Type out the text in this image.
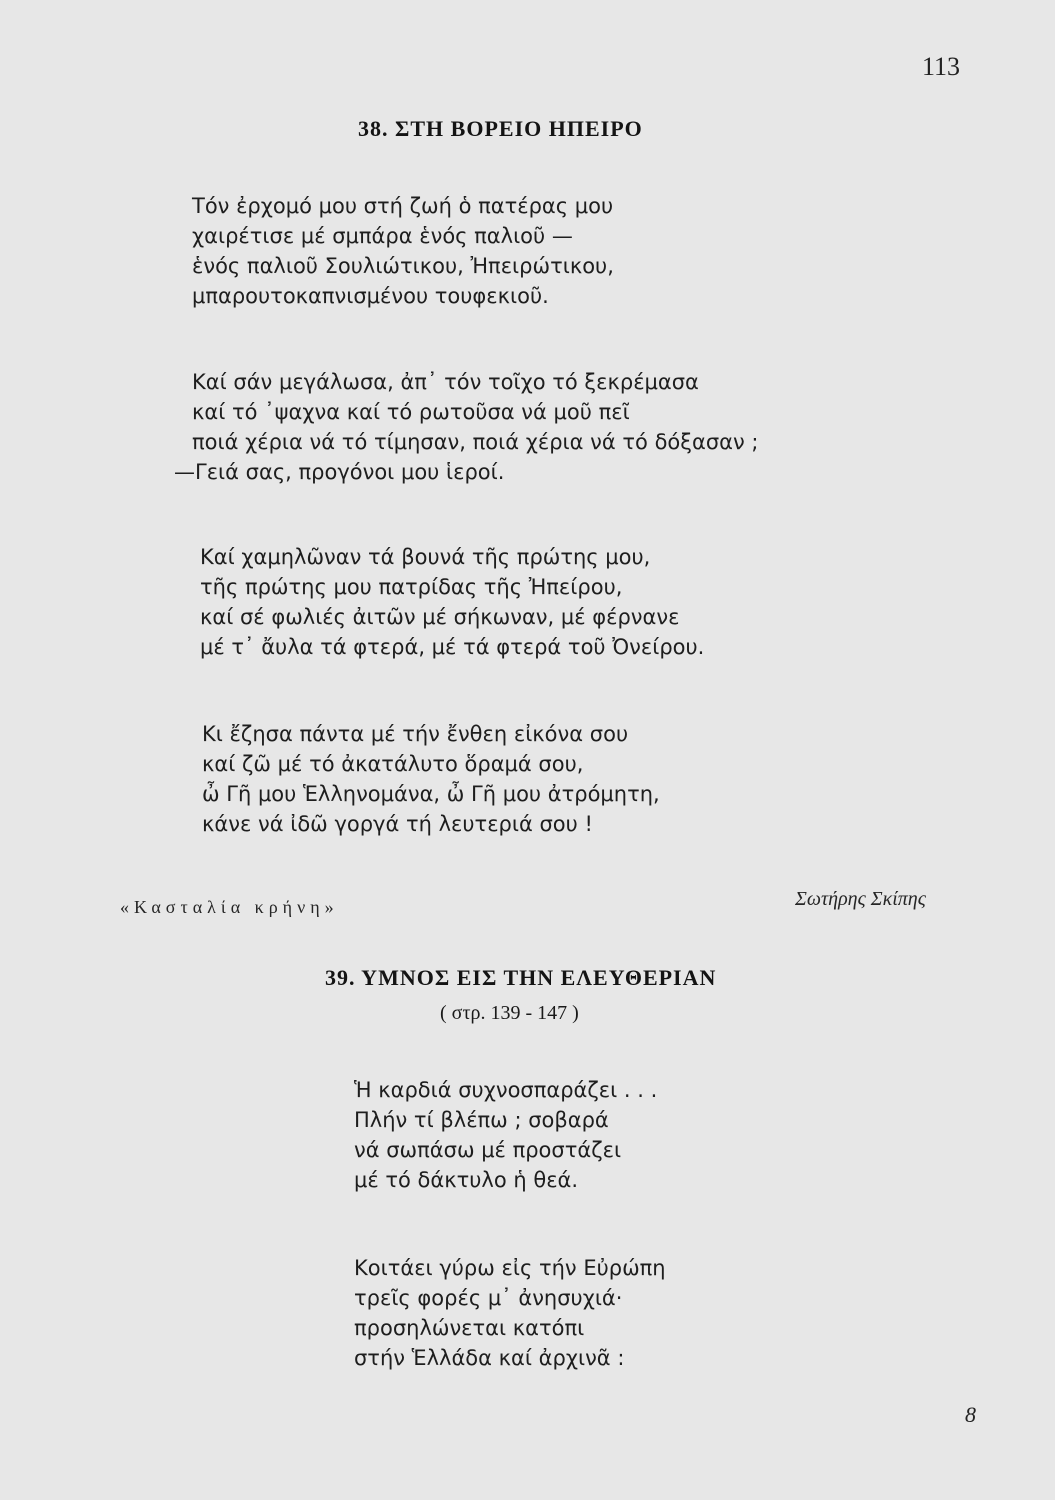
113
38. ΣΤΗ ΒΟΡΕΙΟ ΗΠΕΙΡΟ
Τόν ἐρχομό μου στή ζωή ὁ πατέρας μου
χαιρέτισε μέ σμπάρα ἑνός παλιοῦ —
ἑνός παλιοῦ Σουλιώτικου, Ἠπειρώτικου,
μπαρουτοκαπνισμένου τουφεκιοῦ.
Καί σάν μεγάλωσα, ἀπ᾽ τόν τοῖχο τό ξεκρέμασα
καί τό ᾽ψαχνα καί τό ρωτοῦσα νά μοῦ πεῖ
ποιά χέρια νά τό τίμησαν, ποιά χέρια νά τό δόξασαν ;
—Γειά σας, προγόνοι μου ἱεροί.
Καί χαμηλῶναν τά βουνά τῆς πρώτης μου,
τῆς πρώτης μου πατρίδας τῆς Ἠπείρου,
καί σέ φωλιές ἀιτῶν μέ σήκωναν, μέ φέρνανε
μέ τ᾽ ἄυλα τά φτερά, μέ τά φτερά τοῦ Ὀνείρου.
Κι ἔζησα πάντα μέ τήν ἔνθεη εἰκόνα σου
καί ζῶ μέ τό ἀκατάλυτο ὅραμά σου,
ὦ Γῆ μου Ἑλληνομάνα, ὦ Γῆ μου ἀτρόμητη,
κάνε νά ἰδῶ γοργά τή λευτεριά σου !
«Κασταλία κρήνη»	Σωτήρης Σκίπης
39. ΥΜΝΟΣ ΕΙΣ ΤΗΝ ΕΛΕΥΘΕΡΙΑΝ
( στρ. 139 - 147 )
Ἡ καρδιά συχνοσπαράζει . . .
Πλήν τί βλέπω ; σοβαρά
νά σωπάσω μέ προστάζει
μέ τό δάκτυλο ἡ θεά.
Κοιτάει γύρω εἰς τήν Εὐρώπη
τρεῖς φορές μ᾽ ἀνησυχιά·
προσηλώνεται κατόπι
στήν Ἑλλάδα καί ἀρχινᾶ :
8
